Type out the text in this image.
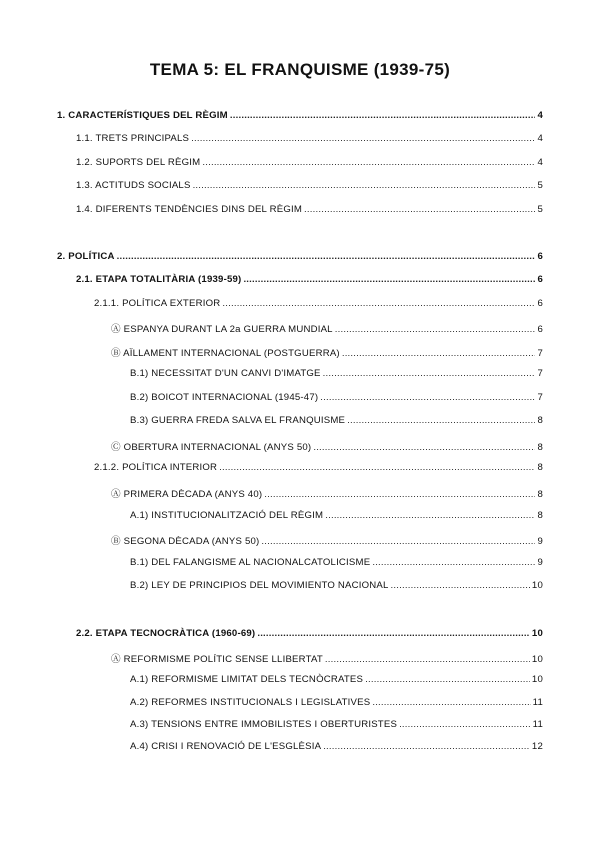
TEMA 5: EL FRANQUISME (1939-75)
1. CARACTERÍSTIQUES DEL RÈGIM .....	4
1.1. TRETS PRINCIPALS .....	4
1.2. SUPORTS DEL RÈGIM .....	4
1.3. ACTITUDS SOCIALS .....	5
1.4. DIFERENTS TENDÈNCIES DINS DEL RÈGIM .....	5
2. POLÍTICA .....	6
2.1. ETAPA TOTALITÀRIA (1939-59) .....	6
2.1.1. POLÍTICA EXTERIOR .....	6
Ⓐ ESPANYA DURANT LA 2a GUERRA MUNDIAL .....	6
Ⓑ AÏLLAMENT INTERNACIONAL (POSTGUERRA) .....	7
B.1) NECESSITAT D'UN CANVI D'IMATGE .....	7
B.2) BOICOT INTERNACIONAL (1945-47) .....	7
B.3) GUERRA FREDA SALVA EL FRANQUISME .....	8
Ⓒ OBERTURA INTERNACIONAL (ANYS 50) .....	8
2.1.2. POLÍTICA INTERIOR .....	8
Ⓐ PRIMERA DÈCADA (ANYS 40) .....	8
A.1) INSTITUCIONALITZACIÓ DEL RÈGIM .....	8
Ⓑ SEGONA DÈCADA (ANYS 50) .....	9
B.1) DEL FALANGISME AL NACIONALCATOLICISME .....	9
B.2) LEY DE PRINCIPIOS DEL MOVIMIENTO NACIONAL .....	10
2.2. ETAPA TECNOCRÀTICA (1960-69) .....	10
Ⓐ REFORMISME POLÍTIC SENSE LLIBERTAT .....	10
A.1) REFORMISME LIMITAT DELS TECNÒCRATES .....	10
A.2) REFORMES INSTITUCIONALS I LEGISLATIVES .....	11
A.3) TENSIONS ENTRE IMMOBILISTES I OBERTURISTES .....	11
A.4) CRISI I RENOVACIÓ DE L'ESGLÈSIA .....	12
